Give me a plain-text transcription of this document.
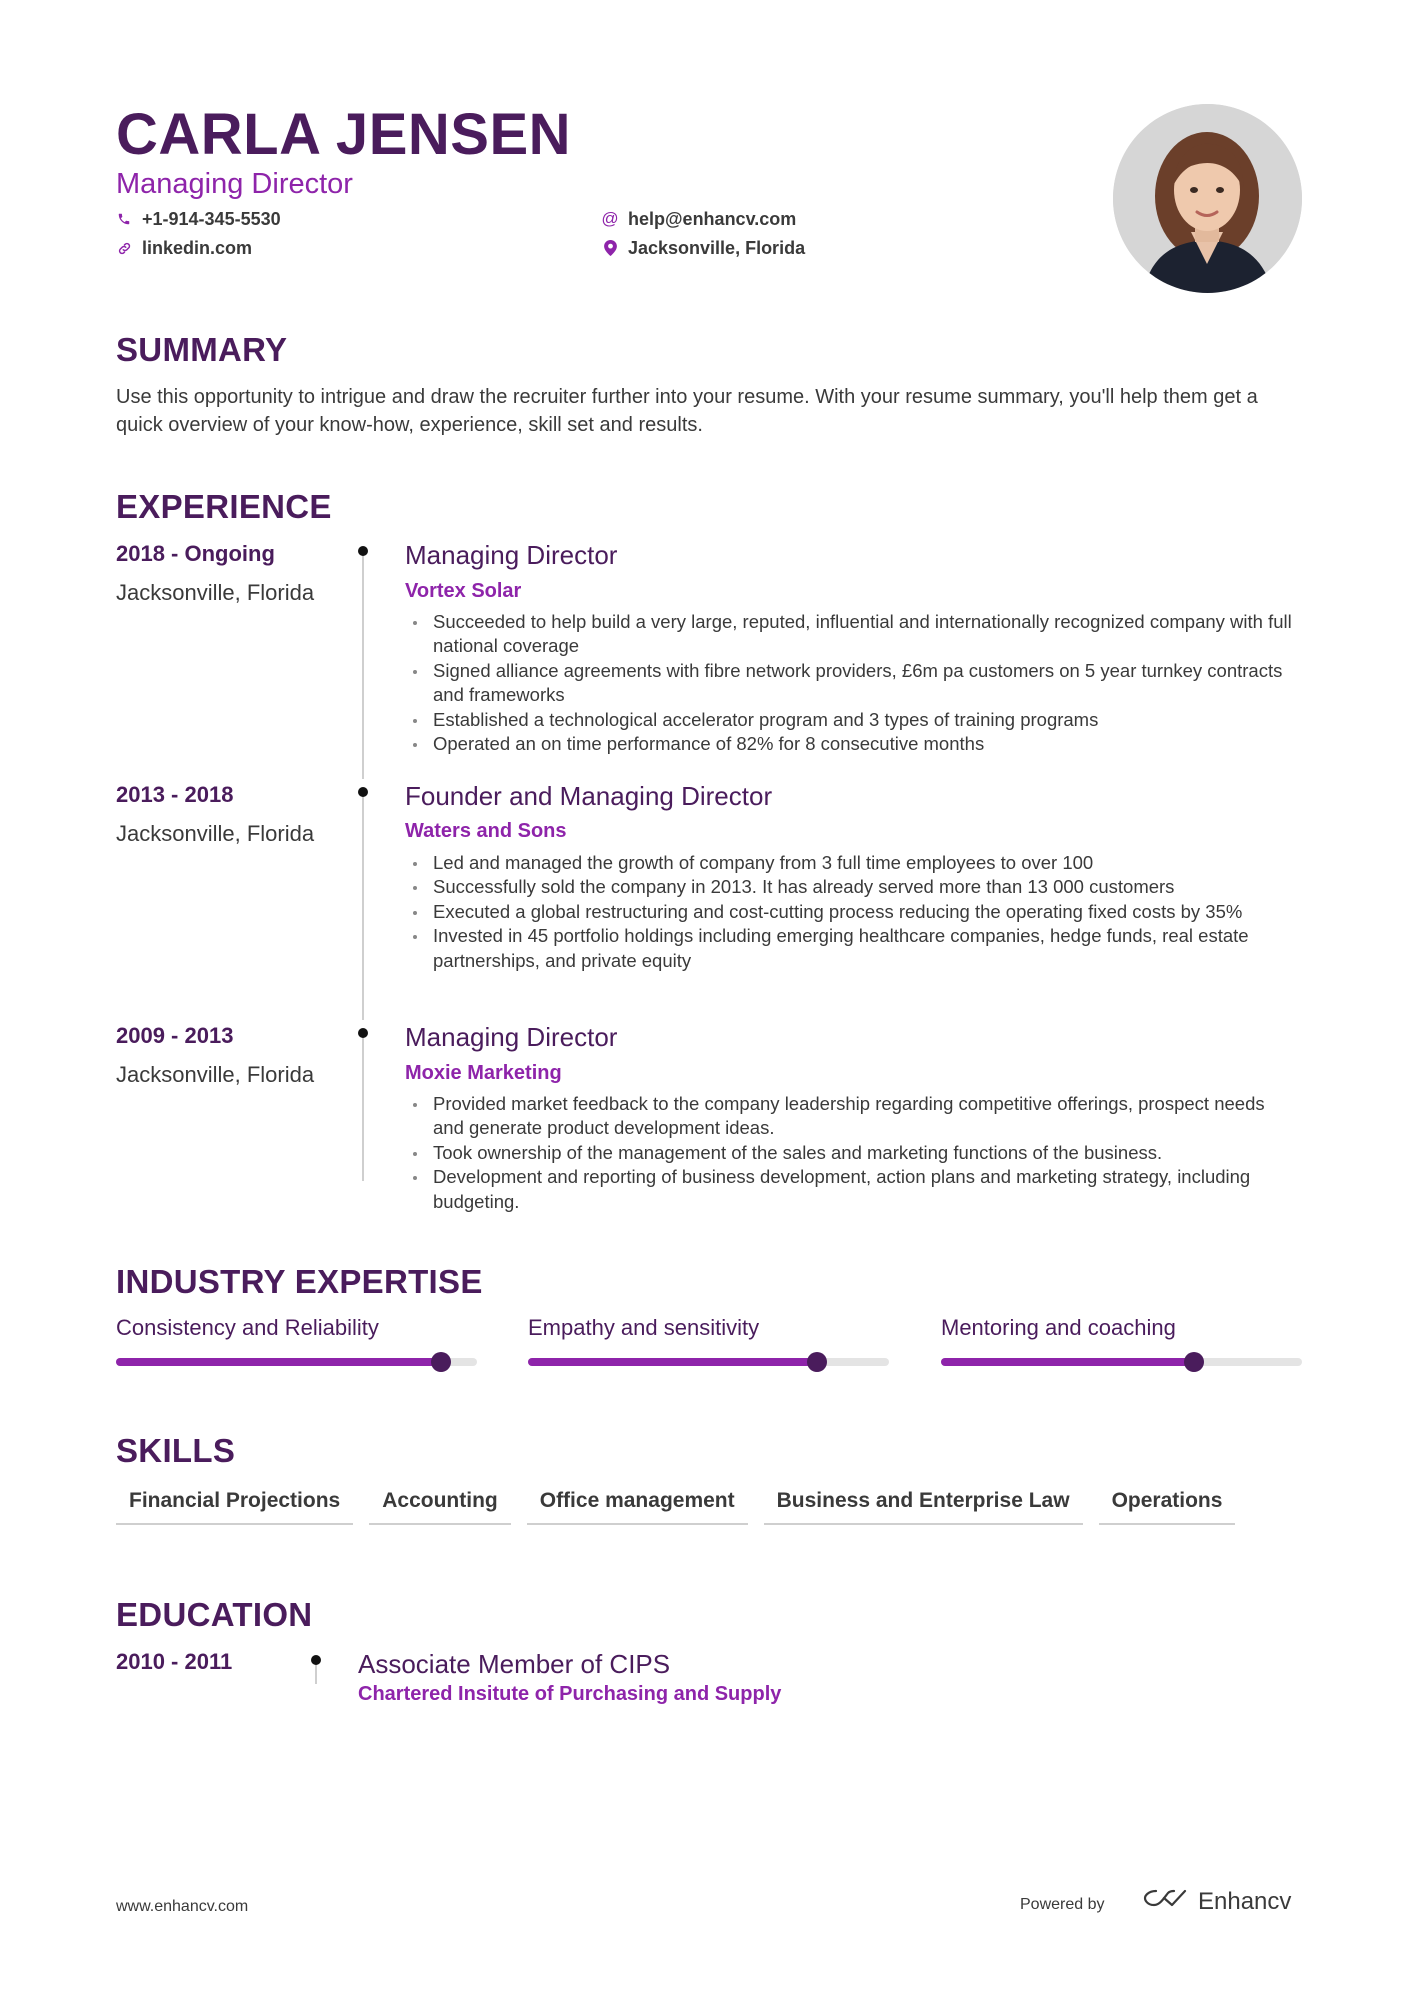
CARLA JENSEN
Managing Director
+1-914-345-5530
linkedin.com
@ help@enhancv.com
Jacksonville, Florida
SUMMARY
Use this opportunity to intrigue and draw the recruiter further into your resume. With your resume summary, you'll help them get a quick overview of your know-how, experience, skill set and results.
EXPERIENCE
2018 - Ongoing
Jacksonville, Florida
Managing Director
Vortex Solar
Succeeded to help build a very large, reputed, influential and internationally recognized company with full national coverage
Signed alliance agreements with fibre network providers, £6m pa customers on 5 year turnkey contracts and frameworks
Established a technological accelerator program and 3 types of training programs
Operated an on time performance of 82% for 8 consecutive months
2013 - 2018
Jacksonville, Florida
Founder and Managing Director
Waters and Sons
Led and managed the growth of company from 3 full time employees to over 100
Successfully sold the company in 2013. It has already served more than 13 000 customers
Executed a global restructuring and cost-cutting process reducing the operating fixed costs by 35%
Invested in 45 portfolio holdings including emerging healthcare companies, hedge funds, real estate partnerships, and private equity
2009 - 2013
Jacksonville, Florida
Managing Director
Moxie Marketing
Provided market feedback to the company leadership regarding competitive offerings, prospect needs and generate product development ideas.
Took ownership of the management of the sales and marketing functions of the business.
Development and reporting of business development, action plans and marketing strategy, including budgeting.
INDUSTRY EXPERTISE
Consistency and Reliability	Empathy and sensitivity	Mentoring and coaching
SKILLS
Financial Projections	Accounting	Office management	Business and Enterprise Law	Operations
EDUCATION
2010 - 2011	Associate Member of CIPS
Chartered Insitute of Purchasing and Supply
www.enhancv.com	Powered by	Enhancv
